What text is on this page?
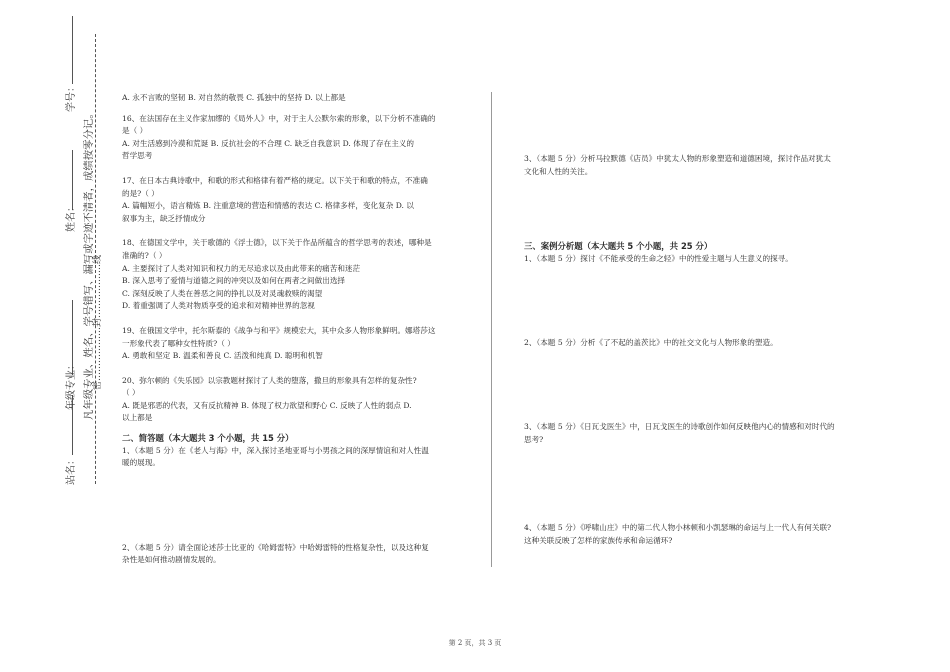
学号：
姓名：
年级专业：
站名：
凡年级专业、姓名、学号错写、漏写或字迹不清者，成绩按零分记。
密………………封………………线

A. 永不言败的坚韧 B. 对自然的敬畏 C. 孤独中的坚持 D. 以上都是

16、在法国存在主义作家加缪的《局外人》中，对于主人公默尔索的形象，以下分析不准确的

是（ ）

A. 对生活感到冷漠和荒诞 B. 反抗社会的不合理 C. 缺乏自我意识 D. 体现了存在主义的

哲学思考

17、在日本古典诗歌中，和歌的形式和格律有着严格的规定。以下关于和歌的特点，不准确

的是?（ ）

A. 篇幅短小，语言精炼 B. 注重意境的营造和情感的表达 C. 格律多样，变化复杂 D. 以

叙事为主，缺乏抒情成分

18、在德国文学中，关于歌德的《浮士德》，以下关于作品所蕴含的哲学思考的表述，哪种是

准确的?（ ）

A. 主要探讨了人类对知识和权力的无尽追求以及由此带来的痛苦和迷茫

B. 深入思考了爱情与道德之间的冲突以及如何在两者之间做出选择

C. 深刻反映了人类在善恶之间的挣扎以及对灵魂救赎的渴望

D. 着重强调了人类对物质享受的追求和对精神世界的忽视

19、在俄国文学中，托尔斯泰的《战争与和平》规模宏大，其中众多人物形象鲜明。娜塔莎这

一形象代表了哪种女性特质?（ ）

A. 勇敢和坚定 B. 温柔和善良 C. 活泼和纯真 D. 聪明和机智

20、弥尔顿的《失乐园》以宗教题材探讨了人类的堕落，撒旦的形象具有怎样的复杂性?

（ ）

A. 既是邪恶的代表，又有反抗精神 B. 体现了权力欲望和野心 C. 反映了人性的弱点 D.

以上都是

二、简答题（本大题共 3 个小题，共 15 分）

1、（本题 5 分）在《老人与海》中，深入探讨圣地亚哥与小男孩之间的深厚情谊和对人性温

暖的展现。

2、（本题 5 分）请全面论述莎士比亚的《哈姆雷特》中哈姆雷特的性格复杂性，以及这种复

杂性是如何推动剧情发展的。

3、（本题 5 分）分析马拉默德《店员》中犹太人物的形象塑造和道德困境，探讨作品对犹太

文化和人性的关注。

三、案例分析题（本大题共 5 个小题，共 25 分）

1、（本题 5 分）探讨《不能承受的生命之轻》中的性爱主题与人生意义的探寻。

2、（本题 5 分）分析《了不起的盖茨比》中的社交文化与人物形象的塑造。

3、（本题 5 分）《日瓦戈医生》中，日瓦戈医生的诗歌创作如何反映他内心的情感和对时代的

思考?

4、（本题 5 分）《呼啸山庄》中的第二代人物小林顿和小凯瑟琳的命运与上一代人有何关联?

这种关联反映了怎样的家族传承和命运循环?

第 2 页，共 3 页
